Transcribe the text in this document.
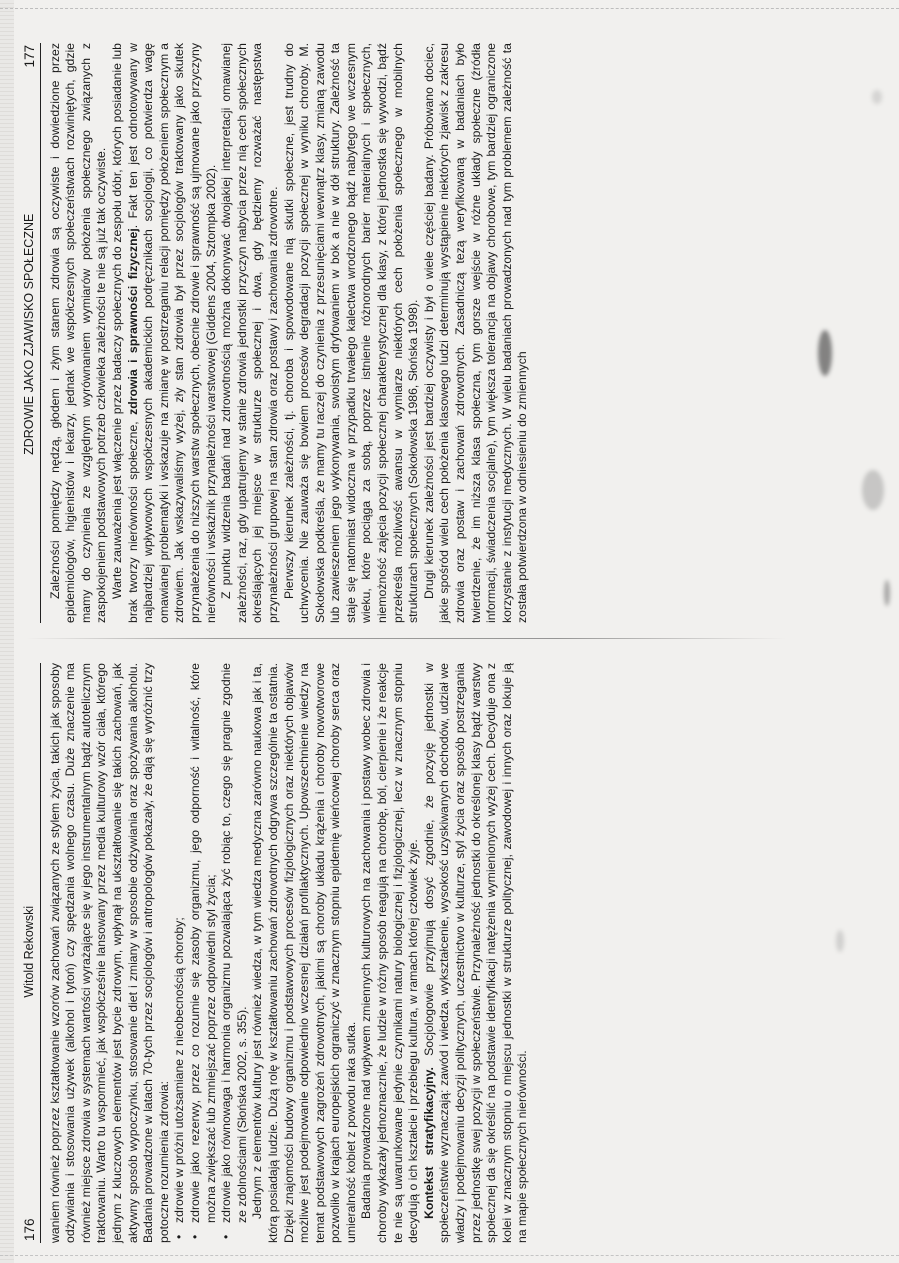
176
Witold Rekowski waniem również poprzez kształtowanie wzorów zachowań związanych ze stylem życia, takich jak sposoby odżywiania i stosowania używek (alkohol i tytoń) czy spędzania wolnego czasu. Duże znaczenie ma również miejsce zdrowia w systemach wartości wyrażające się w jego instrumentalnym bądź autotelicznym traktowaniu. Warto tu wspomnieć, jak współcześnie lansowany przez media kulturowy wzór ciała, którego jednym z kluczowych elementów jest bycie zdrowym, wpłynął na ukształtowanie się takich zachowań, jak aktywny sposób wypoczynku, stosowanie diet i zmiany w sposobie odżywiania oraz spożywania alkoholu. Badania prowadzone w latach 70-tych przez socjologów i antropologów pokazały, że dają się wyróżnić trzy potoczne rozumienia zdrowia: • zdrowie w próżni utożsamiane z nieobecnością choroby; • zdrowie jako rezerwy, przez co rozumie się zasoby organizmu, jego odporność i witalność, które można zwiększać lub zmniejszać poprzez odpowiedni styl życia; • zdrowie jako równowaga i harmonia organizmu pozwalająca żyć robiąc to, czego się pragnie zgodnie ze zdolnościami (Słońska 2002, s. 355). Jednym z elementów kultury jest również wiedza, w tym wiedza medyczna zarówno naukowa jak i ta, którą posiadają ludzie. Dużą rolę w kształtowaniu zachowań zdrowotnych odgrywa szczególnie ta ostatnia. Dzięki znajomości budowy organizmu i podstawowych procesów fizjologicznych oraz niektórych objawów możliwe jest podejmowanie odpowiednio wczesnej działań profilaktycznych. Upowszechnienie wiedzy na temat podstawowych zagrożeń zdrowotnych, jakimi są choroby układu krążenia i choroby nowotworowe pozwoliło w krajach europejskich ograniczyć w znacznym stopniu epidemię wieńcowej choroby serca oraz umieralność kobiet z powodu raka sutka. Badania prowadzone nad wpływem zmiennych kulturowych na zachowania i postawy wobec zdrowia i choroby wykazały jednoznacznie, że ludzie w różny sposób reagują na chorobę, ból, cierpienie i że reakcje te nie są uwarunkowane jedynie czynnikami natury biologicznej i fizjologicznej, lecz w znacznym stopniu decydują o ich kształcie i przebiegu kultura, w ramach której człowiek żyje. Kontekst stratyfikacyjny. Socjologowie przyjmują dosyć zgodnie, że pozycję jednostki w społeczeństwie wyznaczają: zawód i wiedza, wykształcenie, wysokość uzyskiwanych dochodów, udział we władzy i podejmowaniu decyzji politycznych, uczestnictwo w kulturze, styl życia oraz sposób postrzegania przez jednostkę swej pozycji w społeczeństwie. Przynależność jednostki do określonej klasy bądź warstwy społecznej da się określić na podstawie identyfikacji natężenia wymienionych wyżej cech. Decyduje ona z kolei w znacznym stopniu o miejscu jednostki w strukturze politycznej, zawodowej i innych oraz lokuje ją na mapie społecznych nierówności.

ZDROWIE JAKO ZJAWISKO SPOŁECZNE
177 Zależności pomiędzy nędzą, głodem i złym stanem zdrowia są oczywiste i dowiedzione przez epidemiologów, higienistów i lekarzy, jednak we współczesnych społeczeństwach rozwiniętych, gdzie mamy do czynienia ze względnym wyrównaniem wymiarów położenia społecznego związanych z zaspokojeniem podstawowych potrzeb człowieka zależności te nie są już tak oczywiste. Warte zauważenia jest włączenie przez badaczy społecznych do zespołu dóbr, których posiadanie lub brak tworzy nierówności społeczne, zdrowia i sprawności fizycznej. Fakt ten jest odnotowywany w najbardziej wpływowych współczesnych akademickich podręcznikach socjologii, co potwierdza wagę omawianej problematyki i wskazuje na zmianę w postrzeganiu relacji pomiędzy położeniem społecznym a zdrowiem. Jak wskazywaliśmy wyżej, zły stan zdrowia był przez socjologów traktowany jako skutek przynależenia do niższych warstw społecznych, obecnie zdrowie i sprawność są ujmowane jako przyczyny nierówności i wskaźnik przynależności warstwowej (Giddens 2004, Sztompka 2002). Z punktu widzenia badań nad zdrowotnością można dokonywać dwojakiej interpretacji omawianej zależności, raz, gdy upatrujemy w stanie zdrowia jednostki przyczyn nabycia przez nią cech społecznych określających jej miejsce w strukturze społecznej i dwa, gdy będziemy rozważać następstwa przynależności grupowej na stan zdrowia oraz postawy i zachowania zdrowotne. Pierwszy kierunek zależności, tj. choroba i spowodowane nią skutki społeczne, jest trudny do uchwycenia. Nie zauważa się bowiem procesów degradacji pozycji społecznej w wyniku choroby. M. Sokołowska podkreśla, że mamy tu raczej do czynienia z przesunięciami wewnątrz klasy, zmianą zawodu lub zawieszeniem jego wykonywania, swoistym dryfowaniem w bok a nie w dół struktury. Zależność ta staje się natomiast widoczna w przypadku trwałego kalectwa wrodzonego bądź nabytego we wczesnym wieku, które pociąga za sobą, poprzez istnienie różnorodnych barier materialnych i społecznych, niemożność zajęcia pozycji społecznej charakterystycznej dla klasy, z której jednostka się wywodzi, bądź przekreśla możliwość awansu w wymiarze niektórych cech położenia społecznego w mobilnych strukturach społecznych (Sokołowska 1986, Słońska 1998). Drugi kierunek zależności jest bardziej oczywisty i był o wiele częściej badany. Próbowano dociec, jakie spośród wielu cech położenia klasowego ludzi determinują wystąpienie niektórych zjawisk z zakresu zdrowia oraz postaw i zachowań zdrowotnych. Zasadniczą tezą weryfikowaną w badaniach było twierdzenie, że im niższa klasa społeczna, tym gorsze wejście w różne układy społeczne (źródła informacji, świadczenia socjalne), tym większa tolerancja na objawy chorobowe, tym bardziej ograniczone korzystanie z instytucji medycznych. W wielu badaniach prowadzonych nad tym problemem zależność ta została potwierdzona w odniesieniu do zmiennych
